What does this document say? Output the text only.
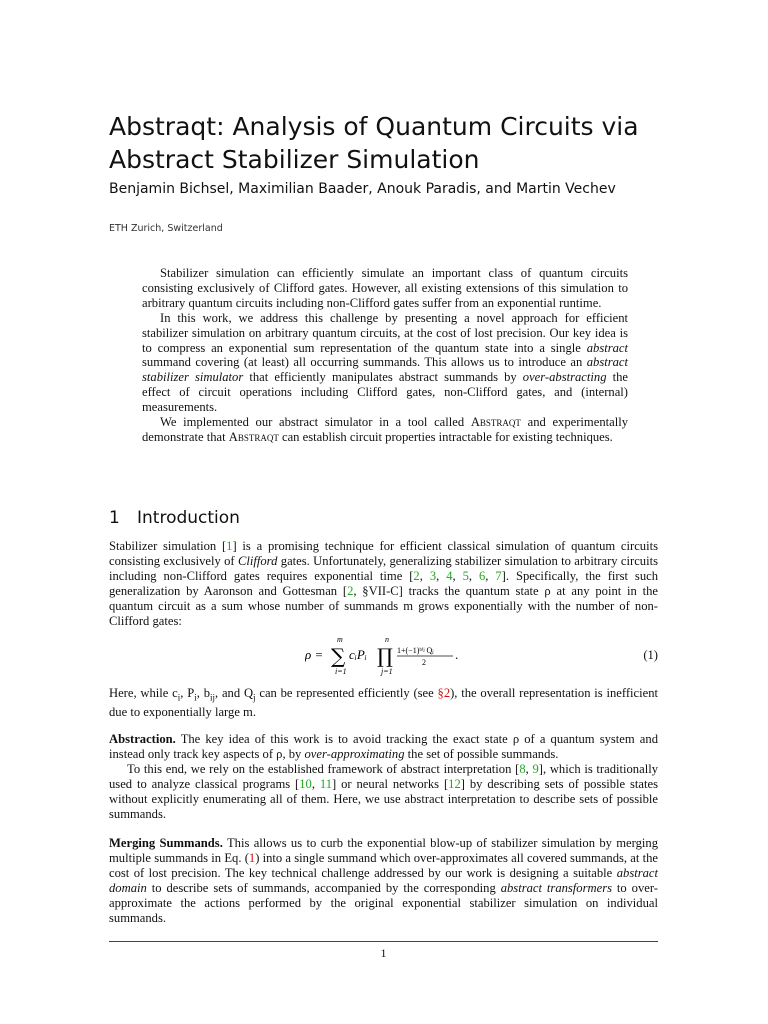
Abstraqt: Analysis of Quantum Circuits via Abstract Stabilizer Simulation
Benjamin Bichsel, Maximilian Baader, Anouk Paradis, and Martin Vechev
ETH Zurich, Switzerland

Stabilizer simulation can efficiently simulate an important class of quantum circuits consisting exclusively of Clifford gates. However, all existing extensions of this simulation to arbitrary quantum circuits including non-Clifford gates suffer from an exponential runtime.

In this work, we address this challenge by presenting a novel approach for efficient stabilizer simulation on arbitrary quantum circuits, at the cost of lost precision. Our key idea is to compress an exponential sum representation of the quantum state into a single abstract summand covering (at least) all occurring summands. This allows us to introduce an abstract stabilizer simulator that efficiently manipulates abstract summands by over-abstracting the effect of circuit operations including Clifford gates, non-Clifford gates, and (internal) measurements.

We implemented our abstract simulator in a tool called Abstraqt and experimentally demonstrate that Abstraqt can establish circuit properties intractable for existing techniques.

1 Introduction

Stabilizer simulation [1] is a promising technique for efficient classical simulation of quantum circuits consisting exclusively of Clifford gates. Unfortunately, generalizing stabilizer simulation to arbitrary circuits including non-Clifford gates requires exponential time [2, 3, 4, 5, 6, 7]. Specifically, the first such generalization by Aaronson and Gottesman [2, §VII-C] tracks the quantum state ρ at any point in the quantum circuit as a sum whose number of summands m grows exponentially with the number of non-Clifford gates:

ρ =
m
∑
i=1
cᵢPᵢ
n
∏
j=1
1+(−1)ᵇⁱʲ Qⱼ
2
.	(1)

Here, while $c_i$, $P_i$, $b_{ij}$, and $Q_j$ can be represented efficiently (see §2), the overall representation is inefficient due to exponentially large m.

Abstraction. The key idea of this work is to avoid tracking the exact state ρ of a quantum system and instead only track key aspects of ρ, by over-approximating the set of possible summands.

To this end, we rely on the established framework of abstract interpretation [8, 9], which is traditionally used to analyze classical programs [10, 11] or neural networks [12] by describing sets of possible states without explicitly enumerating all of them. Here, we use abstract interpretation to describe sets of possible summands.

Merging Summands. This allows us to curb the exponential blow-up of stabilizer simulation by merging multiple summands in Eq. (1) into a single summand which over-approximates all covered summands, at the cost of lost precision. The key technical challenge addressed by our work is designing a suitable abstract domain to describe sets of summands, accompanied by the corresponding abstract transformers to over-approximate the actions performed by the original exponential stabilizer simulation on individual summands.

1
